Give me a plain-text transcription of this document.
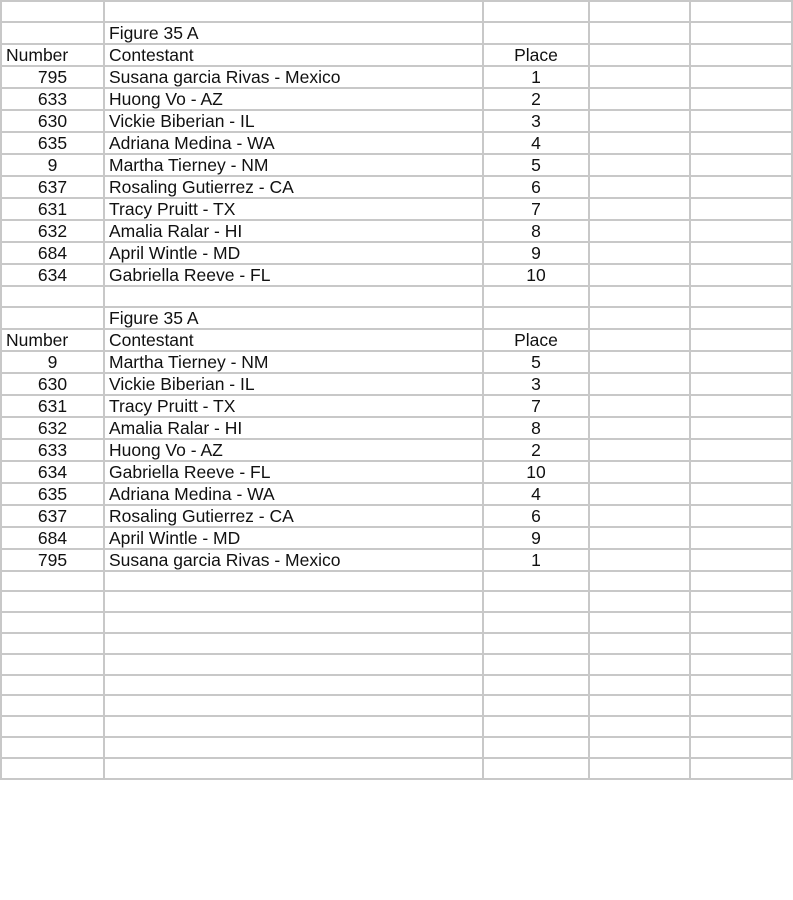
	Figure 35 A			
Number	Contestant	Place		
795	Susana garcia Rivas - Mexico	1		
633	Huong Vo - AZ	2		
630	Vickie Biberian - IL	3		
635	Adriana Medina - WA	4		
9	Martha Tierney - NM	5		
637	Rosaling Gutierrez - CA	6		
631	Tracy Pruitt - TX	7		
632	Amalia Ralar - HI	8		
684	April Wintle - MD	9		
634	Gabriella Reeve - FL	10		

	Figure 35 A			
Number	Contestant	Place		
9	Martha Tierney - NM	5		
630	Vickie Biberian - IL	3		
631	Tracy Pruitt - TX	7		
632	Amalia Ralar - HI	8		
633	Huong Vo - AZ	2		
634	Gabriella Reeve - FL	10		
635	Adriana Medina - WA	4		
637	Rosaling Gutierrez - CA	6		
684	April Wintle - MD	9		
795	Susana garcia Rivas - Mexico	1		
